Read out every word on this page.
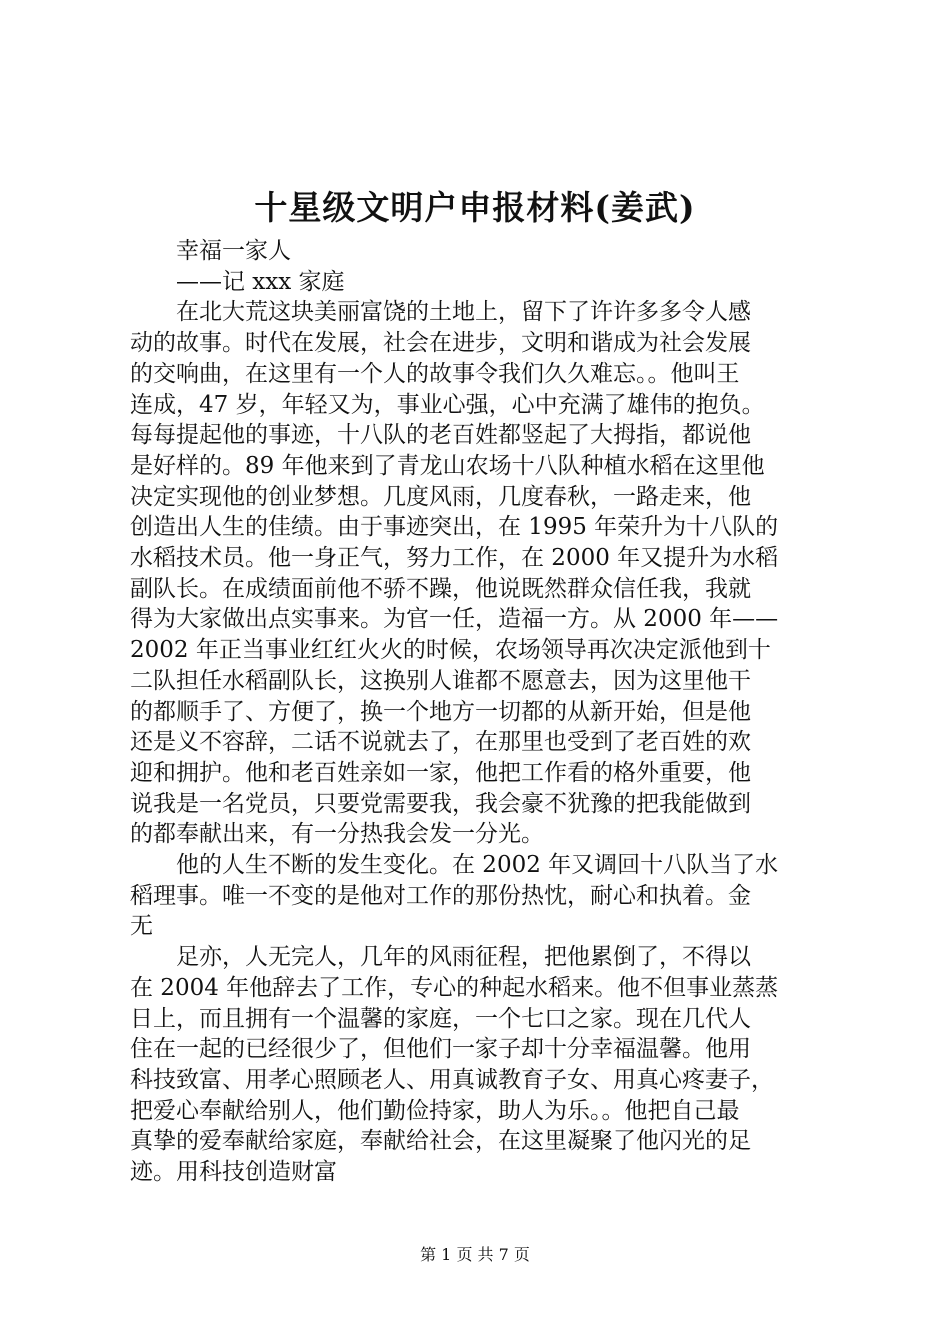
十星级文明户申报材料(姜武)

幸福一家人
——记 xxx 家庭

在北大荒这块美丽富饶的土地上，留下了许许多多令人感
动的故事。时代在发展，社会在进步，文明和谐成为社会发展
的交响曲，在这里有一个人的故事令我们久久难忘。。他叫王
连成，47 岁，年轻又为，事业心强，心中充满了雄伟的抱负。
每每提起他的事迹，十八队的老百姓都竖起了大拇指，都说他
是好样的。89 年他来到了青龙山农场十八队种植水稻在这里他
决定实现他的创业梦想。几度风雨，几度春秋，一路走来，他
创造出人生的佳绩。由于事迹突出，在 1995 年荣升为十八队的
水稻技术员。他一身正气，努力工作，在 2000 年又提升为水稻
副队长。在成绩面前他不骄不躁，他说既然群众信任我，我就
得为大家做出点实事来。为官一任，造福一方。从 2000 年——
2002 年正当事业红红火火的时候，农场领导再次决定派他到十
二队担任水稻副队长，这换别人谁都不愿意去，因为这里他干
的都顺手了、方便了，换一个地方一切都的从新开始，但是他
还是义不容辞，二话不说就去了，在那里也受到了老百姓的欢
迎和拥护。他和老百姓亲如一家，他把工作看的格外重要，他
说我是一名党员，只要党需要我，我会豪不犹豫的把我能做到
的都奉献出来，有一分热我会发一分光。

他的人生不断的发生变化。在 2002 年又调回十八队当了水
稻理事。唯一不变的是他对工作的那份热忱，耐心和执着。金
无

足亦，人无完人，几年的风雨征程，把他累倒了，不得以
在 2004 年他辞去了工作，专心的种起水稻来。他不但事业蒸蒸
日上，而且拥有一个温馨的家庭，一个七口之家。现在几代人
住在一起的已经很少了，但他们一家子却十分幸福温馨。他用
科技致富、用孝心照顾老人、用真诚教育子女、用真心疼妻子，
把爱心奉献给别人，他们勤俭持家，助人为乐。。他把自己最
真挚的爱奉献给家庭，奉献给社会，在这里凝聚了他闪光的足
迹。用科技创造财富

第 1 页 共 7 页
